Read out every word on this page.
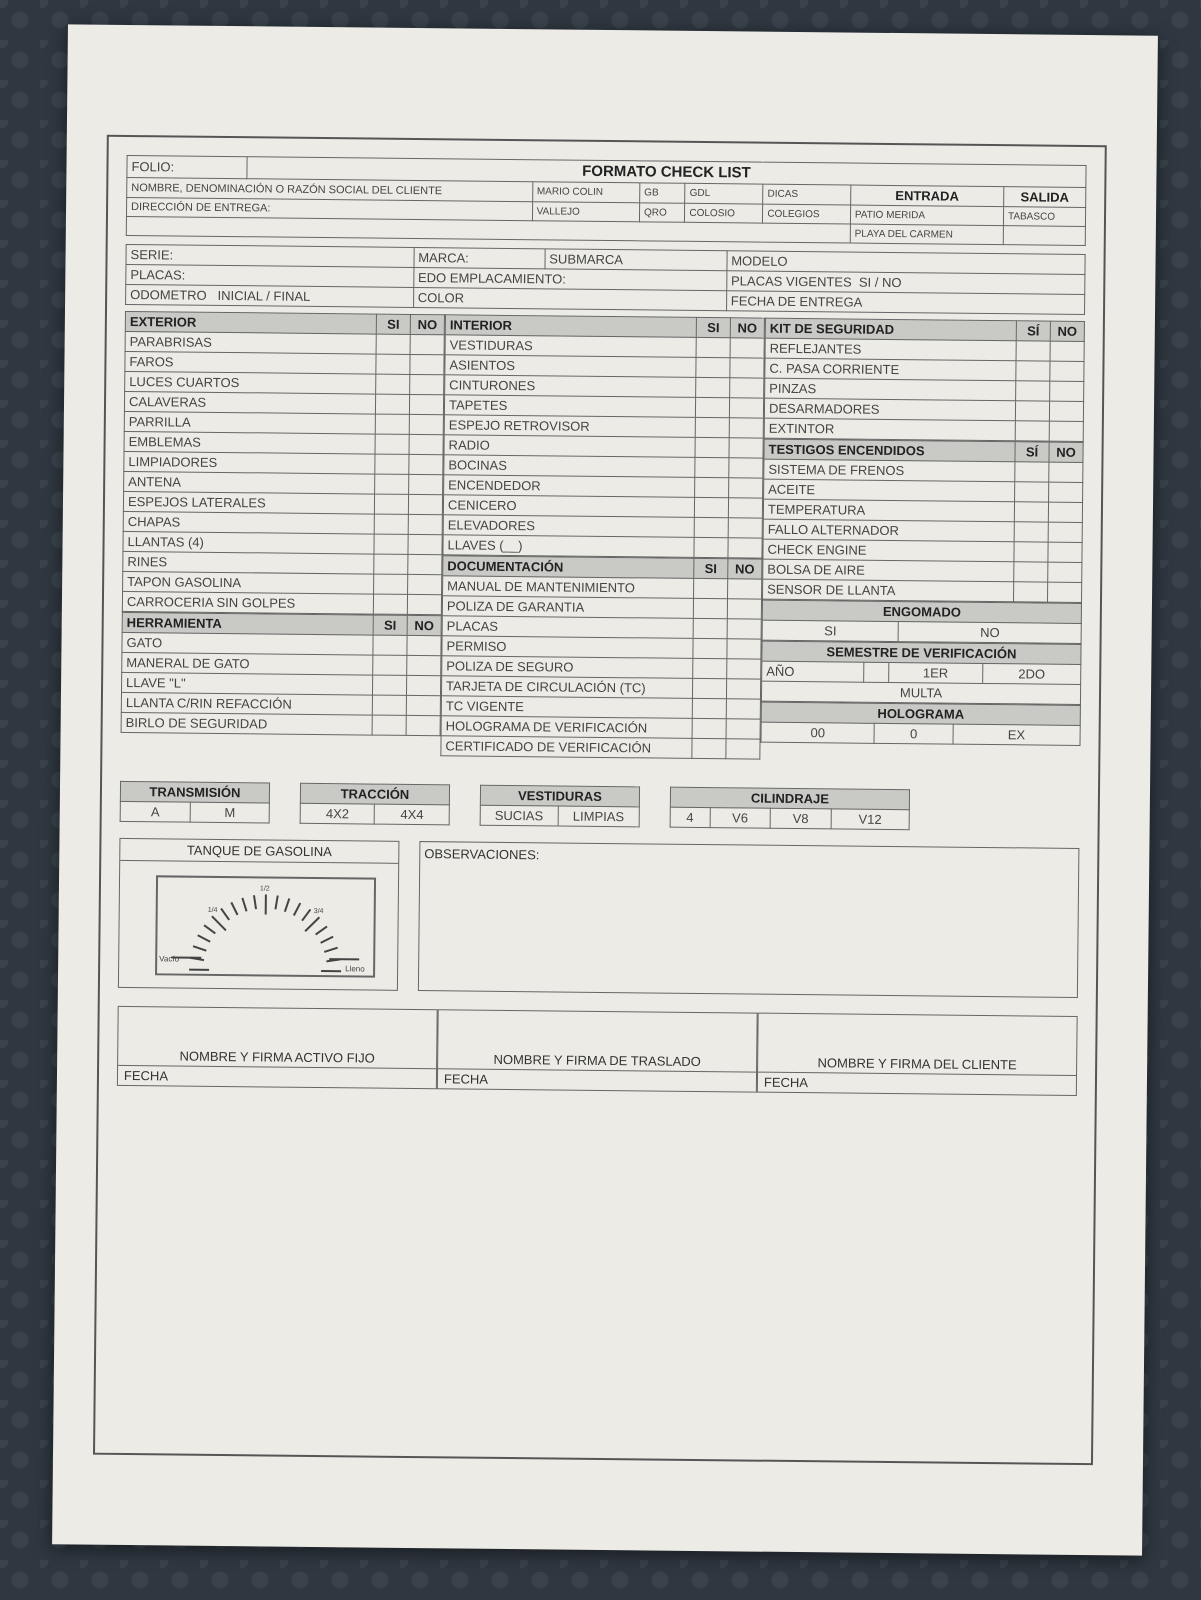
FOLIO:	FORMATO CHECK LIST						
NOMBRE, DENOMINACIÓN O RAZÓN SOCIAL DEL CLIENTE		MARIO COLIN	GB	GDL	DICAS	ENTRADA	SALIDA
DIRECCIÓN DE ENTREGA:		VALLEJO	QRO	COLOSIO	COLEGIOS	PATIO MERIDA	TABASCO
						PLAYA DEL CARMEN	
SERIE:	MARCA:	SUBMARCA	MODELO
PLACAS:	EDO EMPLACAMIENTO:		PLACAS VIGENTES SI / NO
ODOMETRO INICIAL / FINAL	COLOR		FECHA DE ENTREGA
EXTERIOR	SI	NO
PARABRISAS		
FAROS		
LUCES CUARTOS		
CALAVERAS		
PARRILLA		
EMBLEMAS		
LIMPIADORES		
ANTENA		
ESPEJOS LATERALES		
CHAPAS		
LLANTAS (4)		
RINES		
TAPON GASOLINA		
CARROCERIA SIN GOLPES		
HERRAMIENTA	SI	NO
GATO		
MANERAL DE GATO		
LLAVE "L"		
LLANTA C/RIN REFACCIÓN		
BIRLO DE SEGURIDAD		
INTERIOR	SI	NO
VESTIDURAS		
ASIENTOS		
CINTURONES		
TAPETES		
ESPEJO RETROVISOR		
RADIO		
BOCINAS		
ENCENDEDOR		
CENICERO		
ELEVADORES		
LLAVES (__)		
DOCUMENTACIÓN	SI	NO
MANUAL DE MANTENIMIENTO		
POLIZA DE GARANTIA		
PLACAS		
PERMISO		
POLIZA DE SEGURO		
TARJETA DE CIRCULACIÓN (TC)		
TC VIGENTE		
HOLOGRAMA DE VERIFICACIÓN		
CERTIFICADO DE VERIFICACIÓN		
KIT DE SEGURIDAD	SÍ	NO
REFLEJANTES		
C. PASA CORRIENTE		
PINZAS		
DESARMADORES		
EXTINTOR		
TESTIGOS ENCENDIDOS	SÍ	NO
SISTEMA DE FRENOS		
ACEITE		
TEMPERATURA		
FALLO ALTERNADOR		
CHECK ENGINE		
BOLSA DE AIRE		
SENSOR DE LLANTA		
ENGOMADO
SI	NO
SEMESTRE DE VERIFICACIÓN
AÑO		1ER	2DO
MULTA
HOLOGRAMA
00	0	EX
TRANSMISIÓN
A	M
TRACCIÓN
4X2	4X4
VESTIDURAS
SUCIAS	LIMPIAS
CILINDRAJE
4	V6	V8	V12
TANQUE DE GASOLINA
Vacío
Lleno
1/4
1/2
3/4
OBSERVACIONES:
NOMBRE Y FIRMA ACTIVO FIJO
FECHA
NOMBRE Y FIRMA DE TRASLADO
FECHA
NOMBRE Y FIRMA DEL CLIENTE
FECHA
